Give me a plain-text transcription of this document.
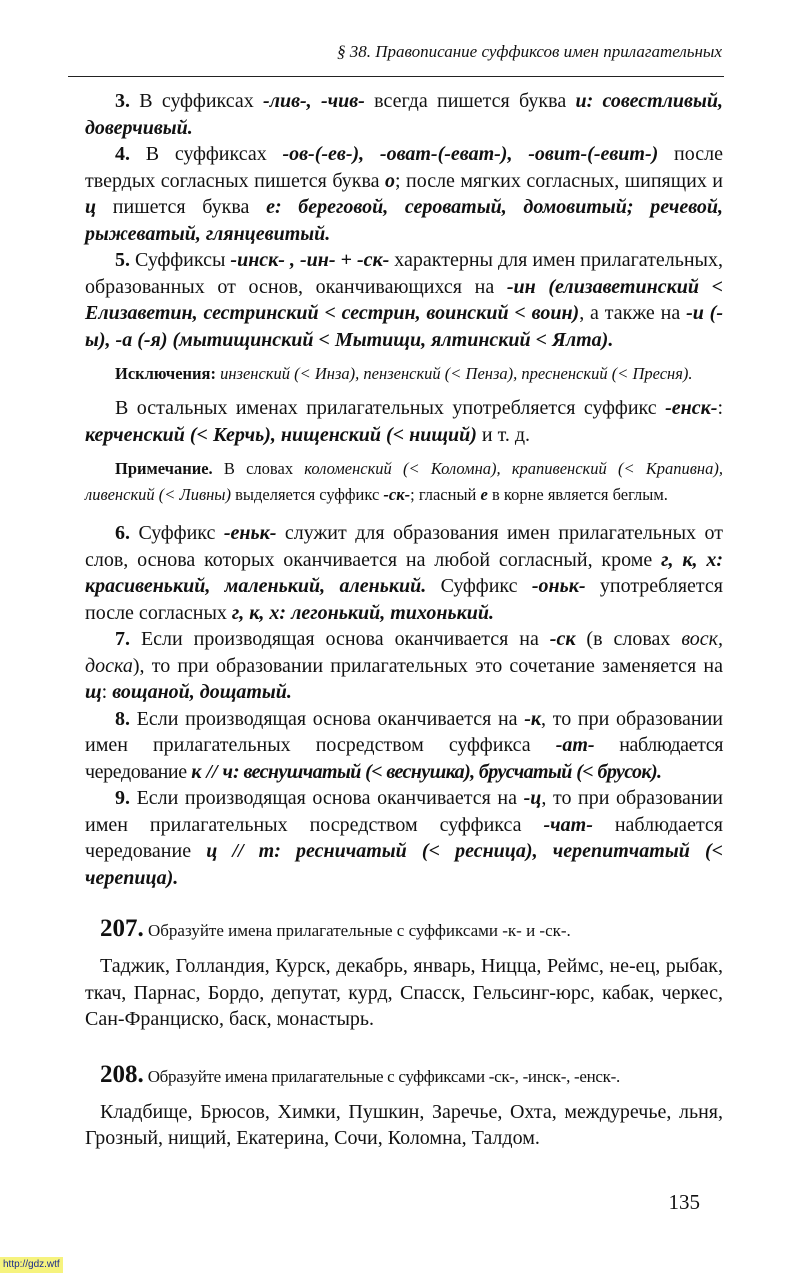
§ 38. Правописание суффиксов имен прилагательных

3. В суффиксах -лив-, -чив- всегда пишется буква и: совестливый, доверчивый.

4. В суффиксах -ов-(-ев-), -оват-(-еват-), -овит-(-евит-) после твердых согласных пишется буква о; после мягких согласных, шипящих и ц пишется буква е: береговой, сероватый, домовитый; речевой, рыжеватый, глянцевитый.

5. Суффиксы -инск- , -ин- + -ск- характерны для имен прилагательных, образованных от основ, оканчивающихся на -ин (елизаветинский < Елизаветин, сестринский < сестрин, воинский < воин), а также на -и (-ы), -а (-я) (мытищинский < Мытищи, ялтинский < Ялта).

Исключения: инзенский (< Инза), пензенский (< Пенза), пресненский (< Пресня).

В остальных именах прилагательных употребляется суффикс -енск-: керченский (< Керчь), нищенский (< нищий) и т. д.

Примечание. В словах коломенский (< Коломна), крапивенский (< Крапивна), ливенский (< Ливны) выделяется суффикс -ск-; гласный е в корне является беглым.

6. Суффикс -еньк- служит для образования имен прилагательных от слов, основа которых оканчивается на любой согласный, кроме г, к, х: красивенький, маленький, аленький. Суффикс -оньк- употребляется после согласных г, к, х: легонький, тихонький.

7. Если производящая основа оканчивается на -ск (в словах воск, доска), то при образовании прилагательных это сочетание заменяется на щ: вощаной, дощатый.

8. Если производящая основа оканчивается на -к, то при образовании имен прилагательных посредством суффикса -ат- наблюдается чередование к // ч: веснушчатый (< веснушка), брусчатый (< брусок).

9. Если производящая основа оканчивается на -ц, то при образовании имен прилагательных посредством суффикса -чат- наблюдается чередование ц // т: ресничатый (< ресница), черепитчатый (< черепица).

207. Образуйте имена прилагательные с суффиксами -к- и -ск-.

Таджик, Голландия, Курск, декабрь, январь, Ницца, Реймс, не-ец, рыбак, ткач, Парнас, Бордо, депутат, курд, Спасск, Гельсинг-юрс, кабак, черкес, Сан-Франциско, баск, монастырь.

208. Образуйте имена прилагательные с суффиксами -ск-, -инск-, -енск-.

Кладбище, Брюсов, Химки, Пушкин, Заречье, Охта, междуречье, льня, Грозный, нищий, Екатерина, Сочи, Коломна, Талдом.

135
http://gdz.wtf
